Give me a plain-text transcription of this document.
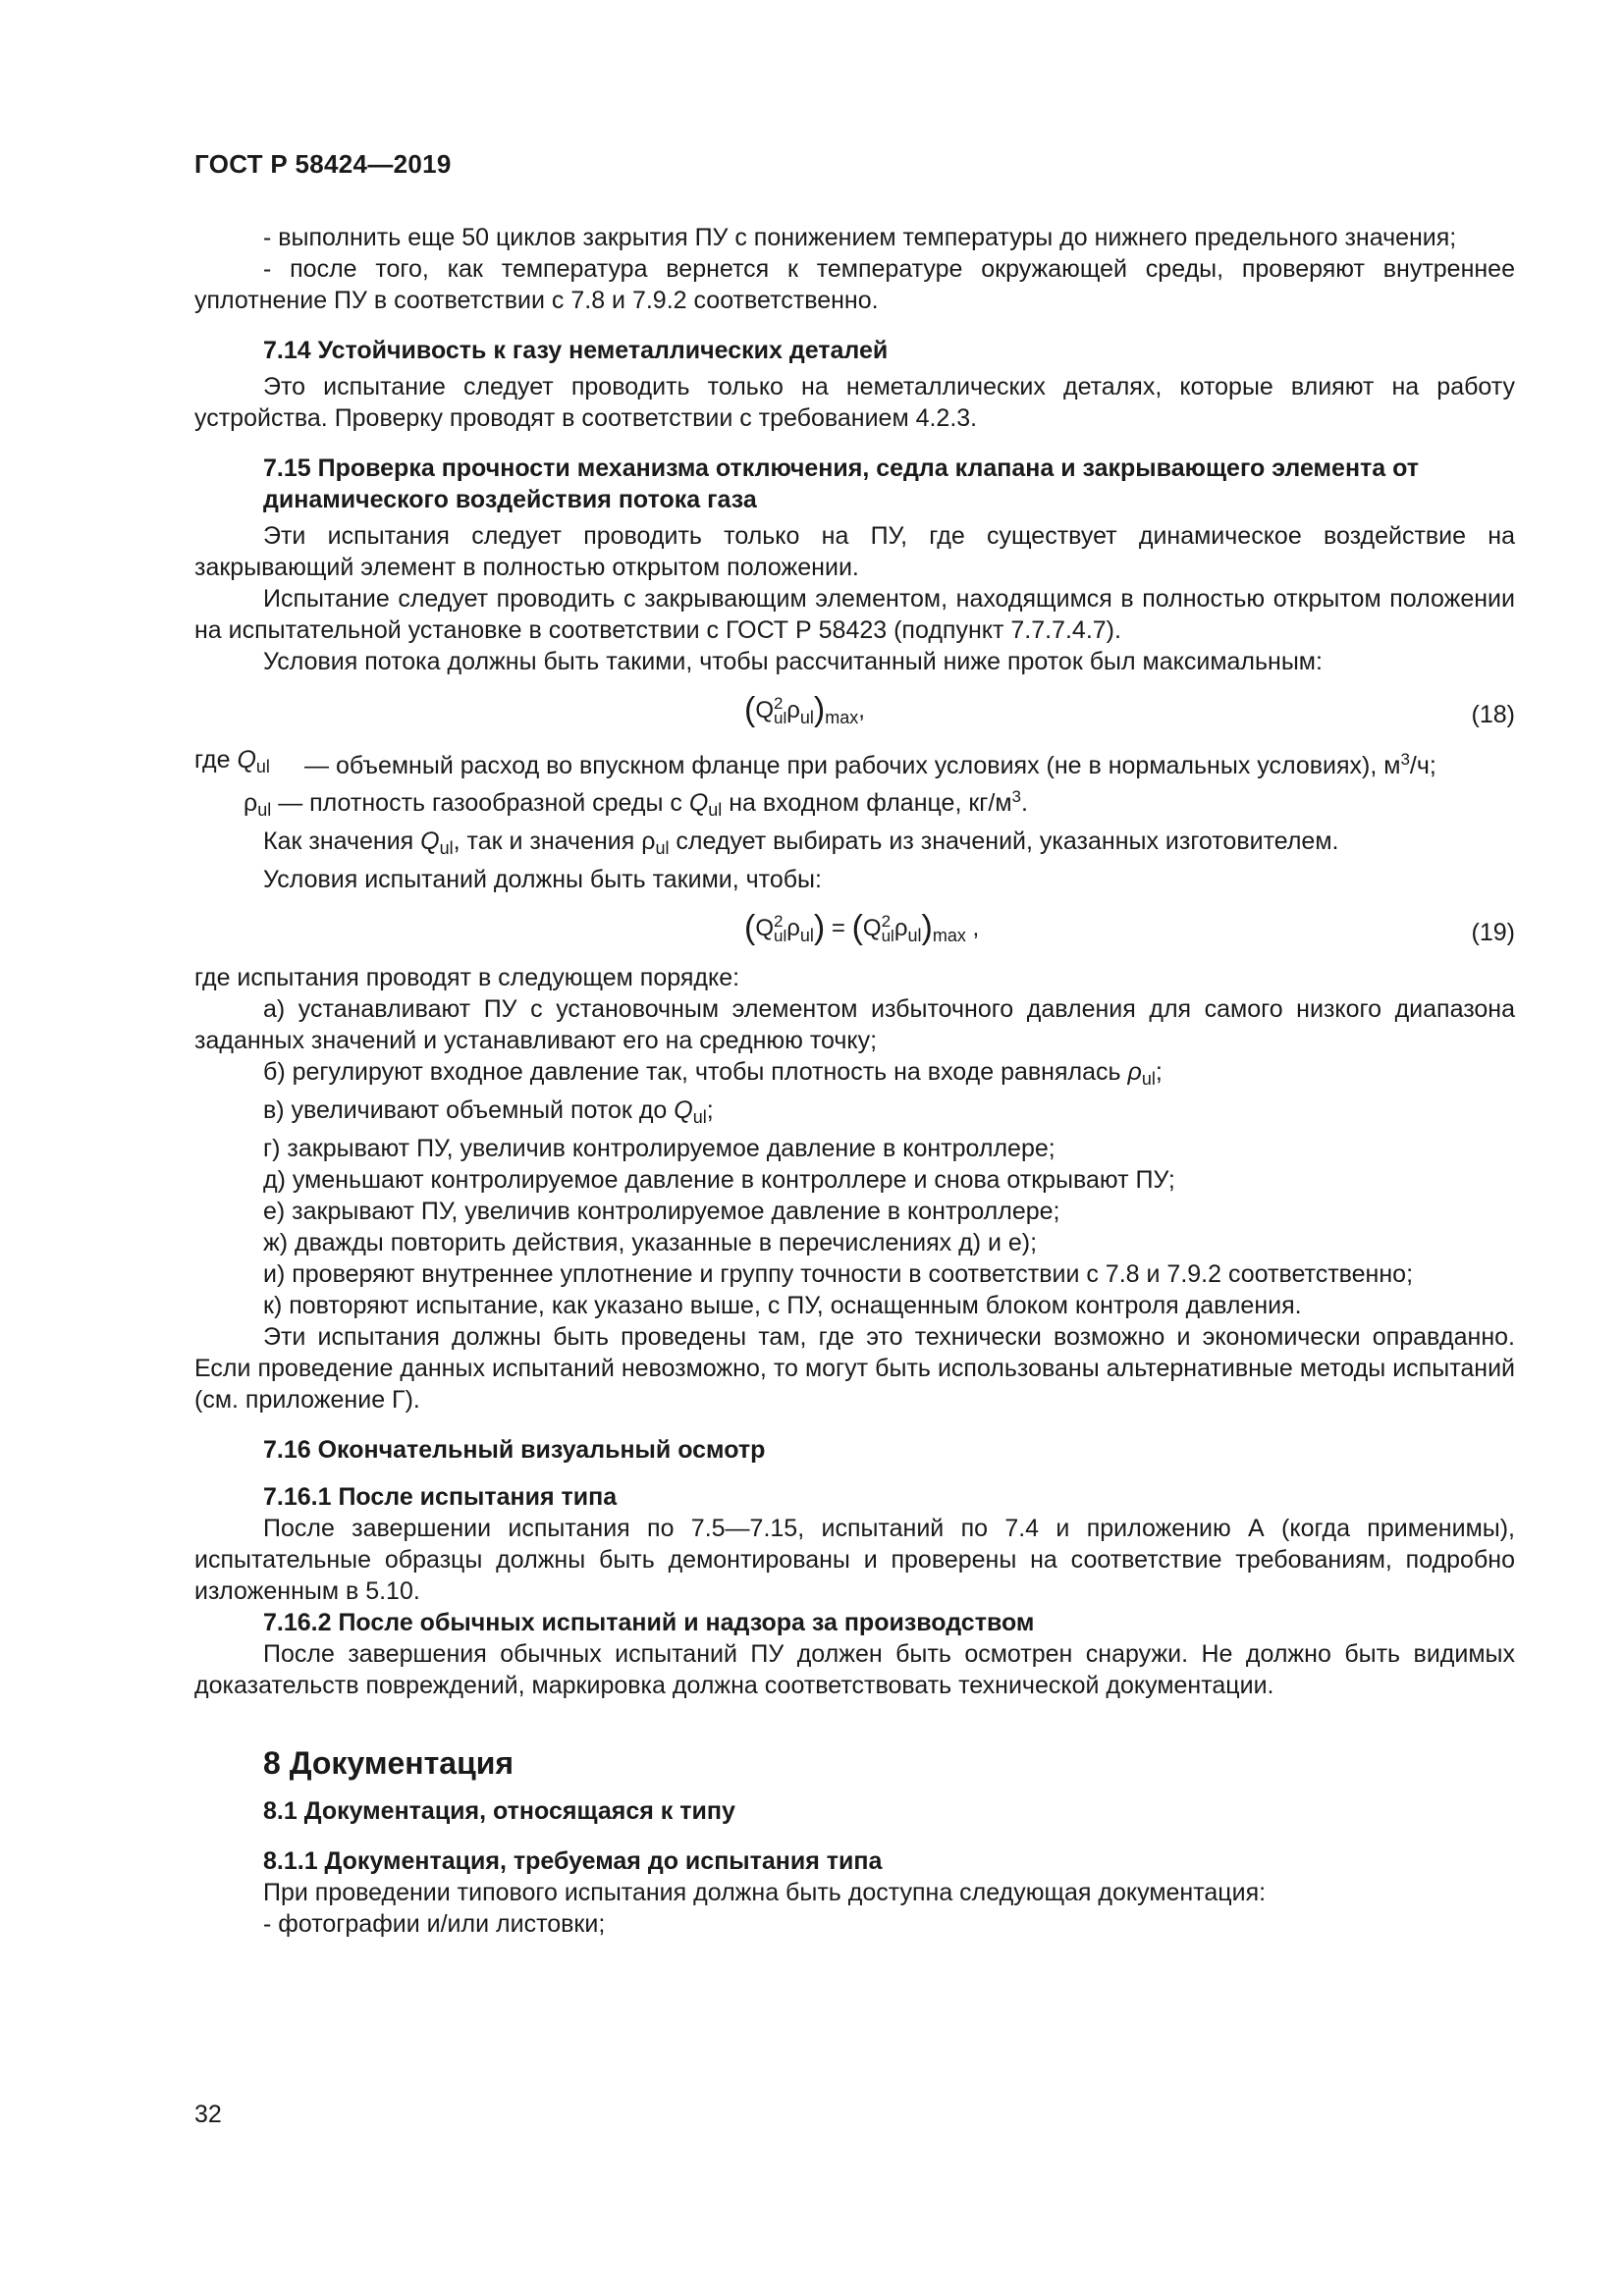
ГОСТ Р 58424—2019

- выполнить еще 50 циклов закрытия ПУ с понижением температуры до нижнего предельного значения;

- после того, как температура вернется к температуре окружающей среды, проверяют внутреннее уплотнение ПУ в соответствии с 7.8 и 7.9.2 соответственно.

7.14 Устойчивость к газу неметаллических деталей

Это испытание следует проводить только на неметаллических деталях, которые влияют на работу устройства. Проверку проводят в соответствии с требованием 4.2.3.

7.15 Проверка прочности механизма отключения, седла клапана и закрывающего элемента от динамического воздействия потока газа

Эти испытания следует проводить только на ПУ, где существует динамическое воздействие на закрывающий элемент в полностью открытом положении.

Испытание следует проводить с закрывающим элементом, находящимся в полностью открытом положении на испытательной установке в соответствии с ГОСТ Р 58423 (подпункт 7.7.7.4.7).

Условия потока должны быть такими, чтобы рассчитанный ниже проток был максимальным:

(Q 2
ul $\rho_{ul})_{max}$,	(18)

где $Q_{ul}$ — объемный расход во впускном фланце при рабочих условиях (не в нормальных условиях), $м^3/ч$;

$\rho_{ul}$ — плотность газообразной среды с $Q_{ul}$ на входном фланце, $кг/м^3$.

Как значения $Q_{ul}$, так и значения $\rho_{ul}$ следует выбирать из значений, указанных изготовителем.

Условия испытаний должны быть такими, чтобы:

(Q 2
ul $\rho_{ul}) = (Q$ 2
ul $\rho_{ul})_{max}$ ,	(19)

где испытания проводят в следующем порядке:

а) устанавливают ПУ с установочным элементом избыточного давления для самого низкого диапазона заданных значений и устанавливают его на среднюю точку;

б) регулируют входное давление так, чтобы плотность на входе равнялась $\rho_{ul}$;

в) увеличивают объемный поток до $Q_{ul}$;

г) закрывают ПУ, увеличив контролируемое давление в контроллере;

д) уменьшают контролируемое давление в контроллере и снова открывают ПУ;

е) закрывают ПУ, увеличив контролируемое давление в контроллере;

ж) дважды повторить действия, указанные в перечислениях д) и е);

и) проверяют внутреннее уплотнение и группу точности в соответствии с 7.8 и 7.9.2 соответственно;

к) повторяют испытание, как указано выше, с ПУ, оснащенным блоком контроля давления.

Эти испытания должны быть проведены там, где это технически возможно и экономически оправданно. Если проведение данных испытаний невозможно, то могут быть использованы альтернативные методы испытаний (см. приложение Г).

7.16 Окончательный визуальный осмотр

7.16.1 После испытания типа

После завершении испытания по 7.5—7.15, испытаний по 7.4 и приложению А (когда применимы), испытательные образцы должны быть демонтированы и проверены на соответствие требованиям, подробно изложенным в 5.10.

7.16.2 После обычных испытаний и надзора за производством

После завершения обычных испытаний ПУ должен быть осмотрен снаружи. Не должно быть видимых доказательств повреждений, маркировка должна соответствовать технической документации.

8 Документация

8.1 Документация, относящаяся к типу

8.1.1 Документация, требуемая до испытания типа

При проведении типового испытания должна быть доступна следующая документация:

- фотографии и/или листовки;

32
